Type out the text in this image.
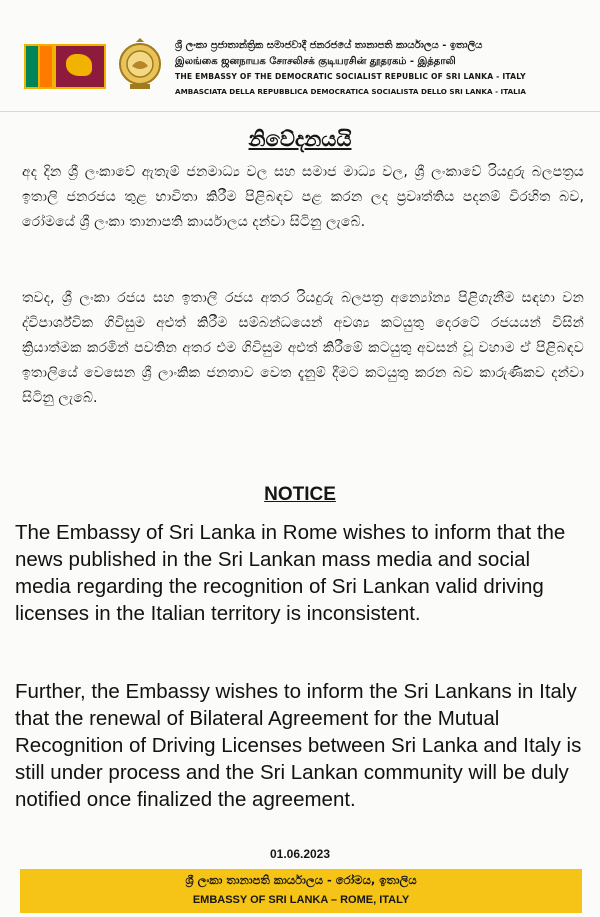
ශ්‍රී ලංකා ප්‍රජාතාන්ත්‍රික සමාජවාදී ජනරජයේ තානාපති කාර්යාලය - ඉතාලිය
இலங்கை ஜனநாயக சோசலிசக் குடியரசின் தூதரகம் - இத்தாலி
THE EMBASSY OF THE DEMOCRATIC SOCIALIST REPUBLIC OF SRI LANKA - ITALY
AMBASCIATA DELLA REPUBBLICA DEMOCRATICA SOCIALISTA DELLO SRI LANKA - ITALIA
නිවේදනයයි

අද දින ශ්‍රී ලංකාවේ ඇතැම් ජනමාධ්‍ය වල සහ සමාජ මාධ්‍ය වල, ශ්‍රී ලංකාවේ රියදුරු බලපත්‍රය ඉතාලි ජනරජය තුළ භාවිතා කිරීම පිළිබඳව පළ කරන ලද ප්‍රවෘත්තිය පදනම් විරහිත බව, රෝමයේ ශ්‍රී ලංකා තානාපති කාර්යාලය දන්වා සිටිනු ලැබේ.

තවද, ශ්‍රී ලංකා රජය සහ ඉතාලි රජය අතර රියදුරු බලපත්‍ර අන්‍යෝන්‍ය පිළිගැනීම සඳහා වන ද්විපාර්ශ්වික ගිවිසුම අළුත් කිරීම සම්බන්ධයෙන් අවශ්‍ය කටයුතු දෙරටේ රජයයන් විසින් ක්‍රියාත්මක කරමින් පවතින අතර එම ගිවිසුම අළුත් කිරීමේ කටයුතු අවසන් වූ වහාම ඒ පිළිබඳව ඉතාලියේ වෙසෙන ශ්‍රී ලාංකික ජනතාව වෙත දැනුම් දීමට කටයුතු කරන බව කාරුණිකව දන්වා සිටිනු ලැබේ.

NOTICE

The Embassy of Sri Lanka in Rome wishes to inform that the news published in the Sri Lankan mass media and social media regarding the recognition of Sri Lankan valid driving licenses in the Italian territory is inconsistent.

Further, the Embassy wishes to inform the Sri Lankans in Italy that the renewal of Bilateral Agreement for the Mutual Recognition of Driving Licenses between Sri Lanka and Italy is still under process and the Sri Lankan community will be duly notified once finalized the agreement.

01.06.2023
ශ්‍රී ලංකා තානාපති කාර්යාලය - රෝමය, ඉතාලිය
EMBASSY OF SRI LANKA – ROME, ITALY
